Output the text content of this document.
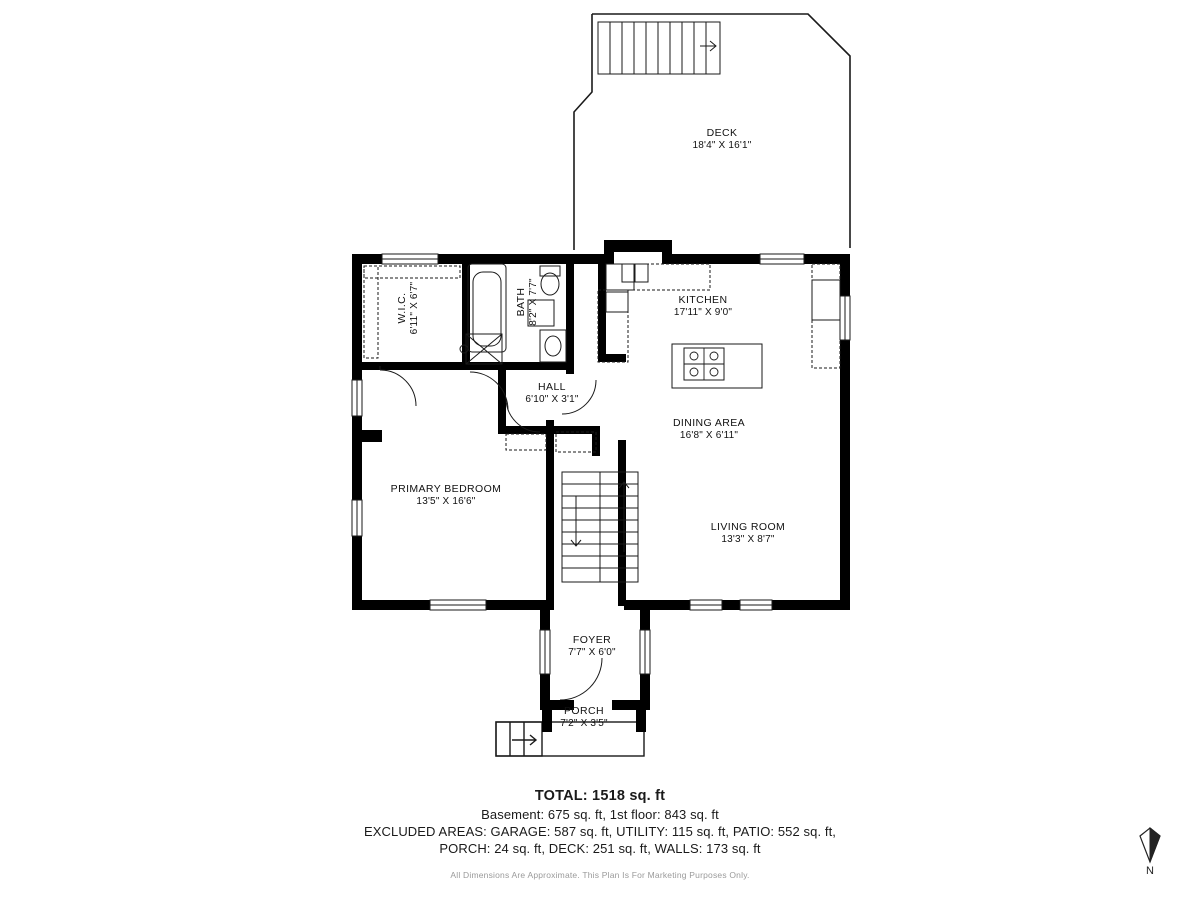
DECK
18'4" X 16'1"
W.I.C. 6'11" X 6'7"	BATH 8'2" X 7'7"	KITCHEN
17'11" X 9'0"
HALL
6'10" X 3'1"
DINING AREA
16'8" X 6'11"
PRIMARY BEDROOM
13'5" X 16'6"
LIVING ROOM
13'3" X 8'7"
FOYER
7'7" X 6'0"
PORCH
7'2" X 3'5"
TOTAL: 1518 sq. ft
Basement: 675 sq. ft, 1st floor: 843 sq. ft
EXCLUDED AREAS: GARAGE: 587 sq. ft, UTILITY: 115 sq. ft, PATIO: 552 sq. ft,
PORCH: 24 sq. ft, DECK: 251 sq. ft, WALLS: 173 sq. ft
All Dimensions Are Approximate. This Plan Is For Marketing Purposes Only.	N
